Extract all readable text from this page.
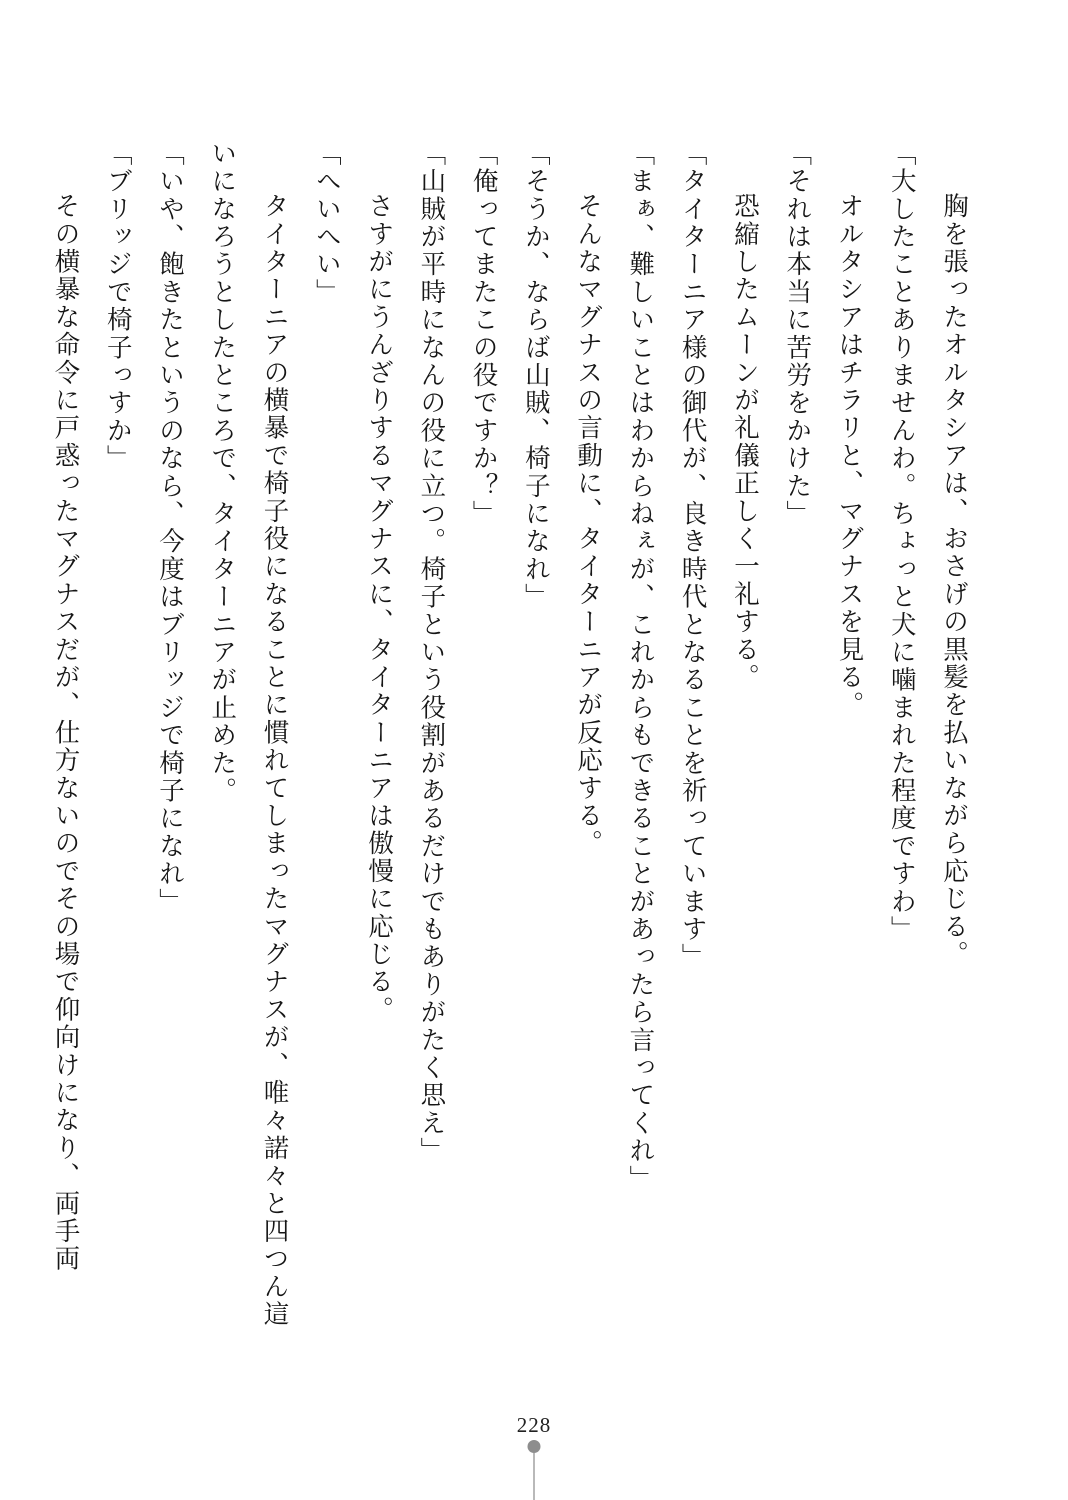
　胸を張ったオルタシアは、おさげの黒髪を払いながら応じる。
「大したことありませんわ。ちょっと犬に噛まれた程度ですわ」
　オルタシアはチラリと、マグナスを見る。
「それは本当に苦労をかけた」
　恐縮したムーンが礼儀正しく一礼する。
「タイターニア様の御代が、良き時代となることを祈っています」
「まぁ、難しいことはわからねぇが、これからもできることがあったら言ってくれ」
　そんなマグナスの言動に、タイターニアが反応する。
「そうか、ならば山賊、椅子になれ」
「俺ってまたこの役ですか？」
「山賊が平時になんの役に立つ。椅子という役割があるだけでもありがたく思え」
　さすがにうんざりするマグナスに、タイターニアは傲慢に応じる。
「へいへい」
　タイターニアの横暴で椅子役になることに慣れてしまったマグナスが、唯々諾々と四つん這いになろうとしたところで、タイターニアが止めた。
「いや、飽きたというのなら、今度はブリッジで椅子になれ」
「ブリッジで椅子っすか」
　その横暴な命令に戸惑ったマグナスだが、仕方ないのでその場で仰向けになり、両手両
228
